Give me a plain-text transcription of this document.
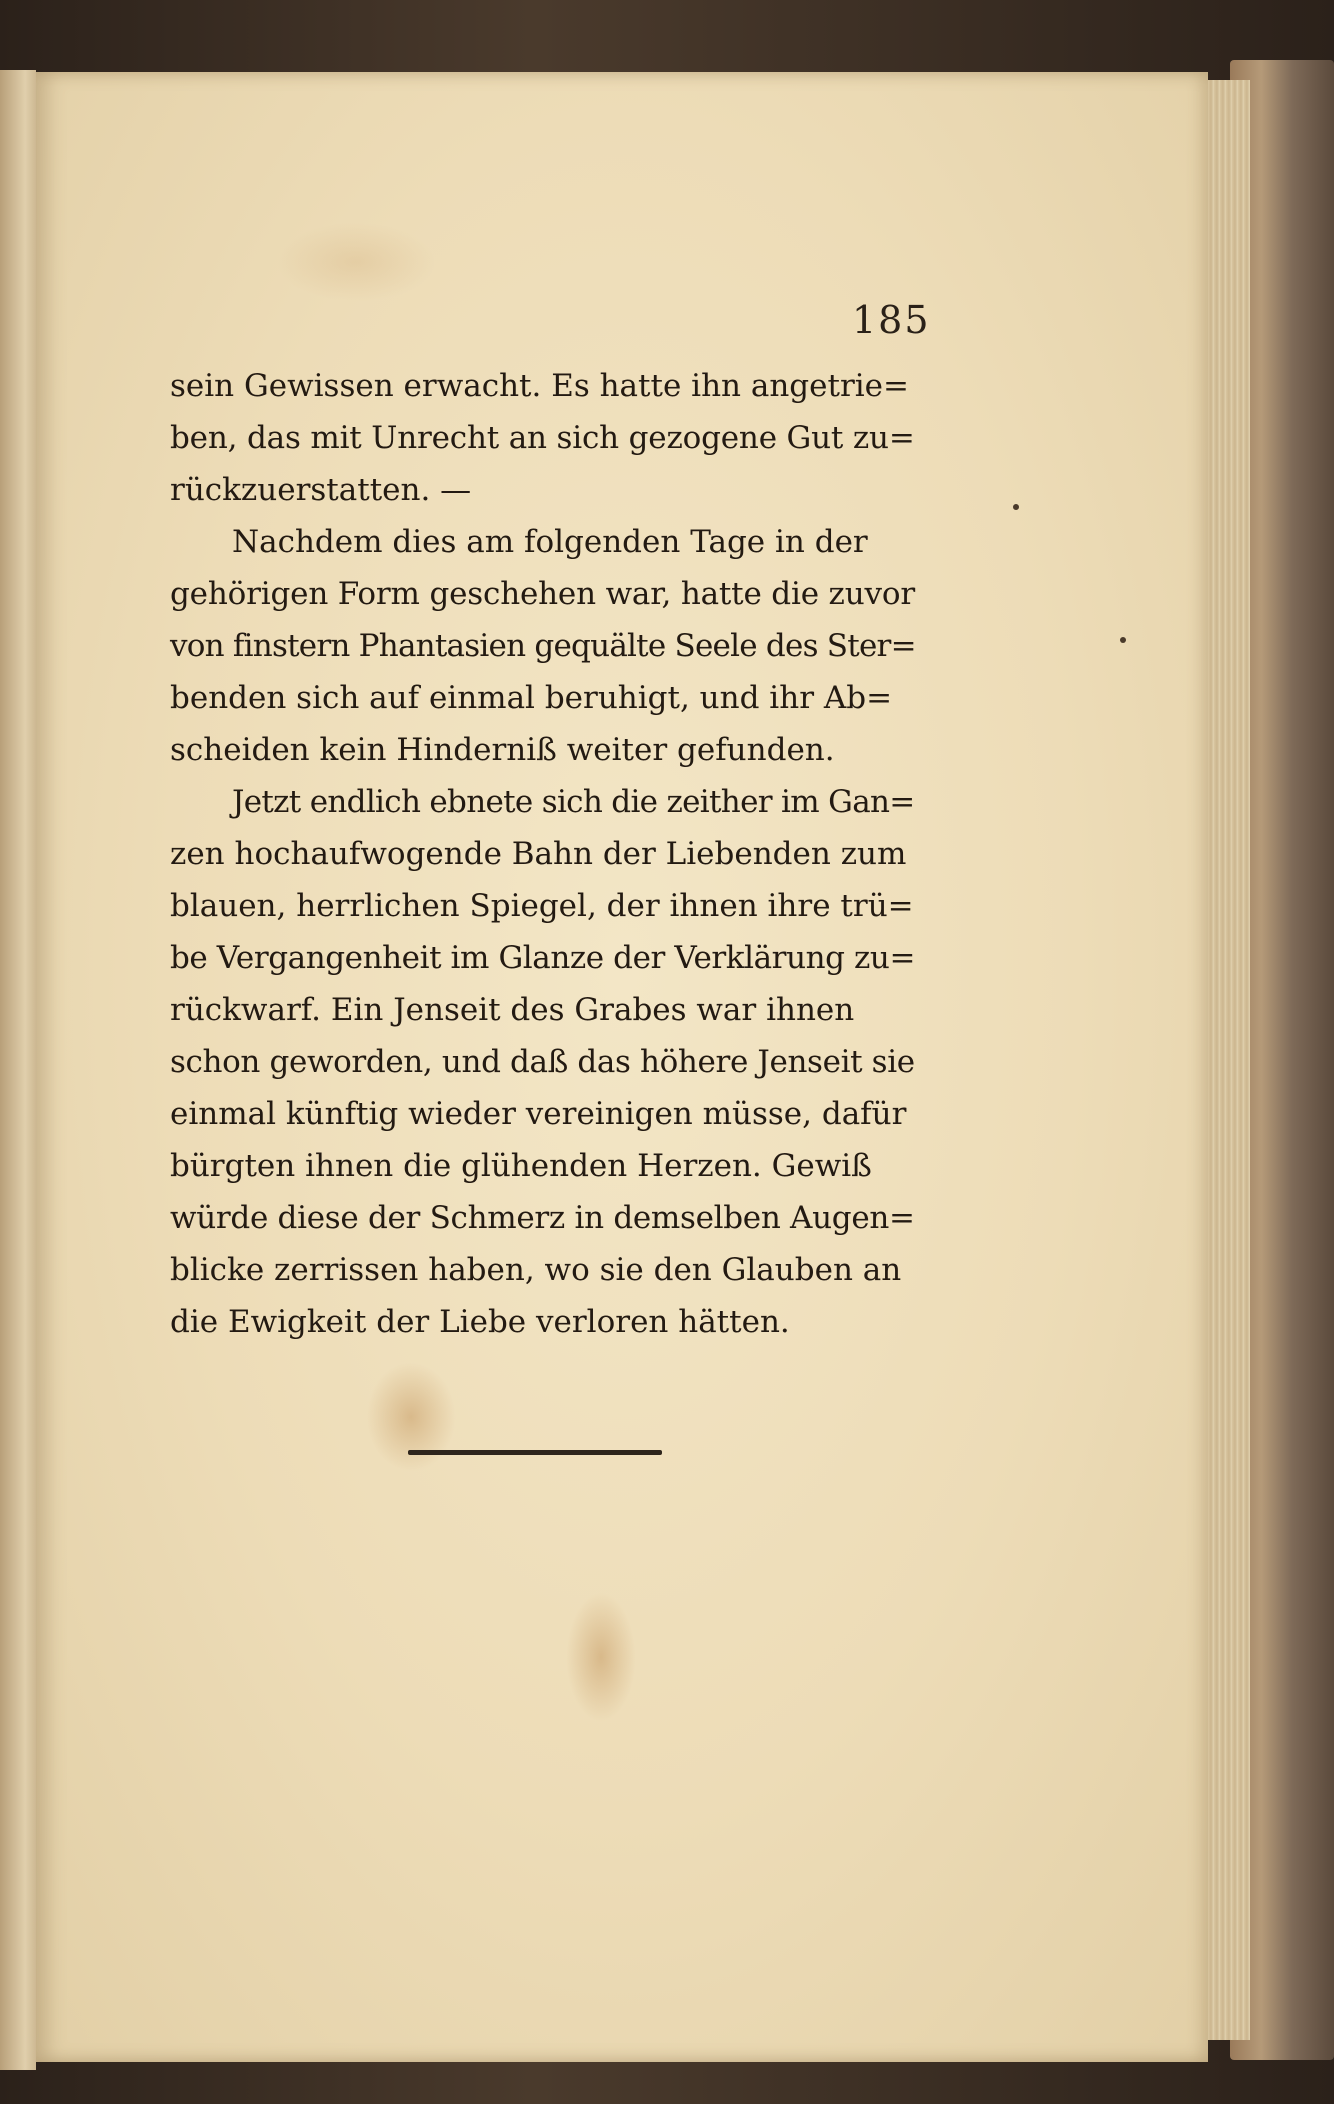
185

sein Gewissen erwacht. Es hatte ihn angetrie=
ben, das mit Unrecht an sich gezogene Gut zu=
rückzuerstatten. —

Nachdem dies am folgenden Tage in der
gehörigen Form geschehen war, hatte die zuvor
von finstern Phantasien gequälte Seele des Ster=
benden sich auf einmal beruhigt, und ihr Ab=
scheiden kein Hinderniß weiter gefunden.

Jetzt endlich ebnete sich die zeither im Gan=
zen hochaufwogende Bahn der Liebenden zum
blauen, herrlichen Spiegel, der ihnen ihre trü=
be Vergangenheit im Glanze der Verklärung zu=
rückwarf. Ein Jenseit des Grabes war ihnen
schon geworden, und daß das höhere Jenseit sie
einmal künftig wieder vereinigen müsse, dafür
bürgten ihnen die glühenden Herzen. Gewiß
würde diese der Schmerz in demselben Augen=
blicke zerrissen haben, wo sie den Glauben an
die Ewigkeit der Liebe verloren hätten.
